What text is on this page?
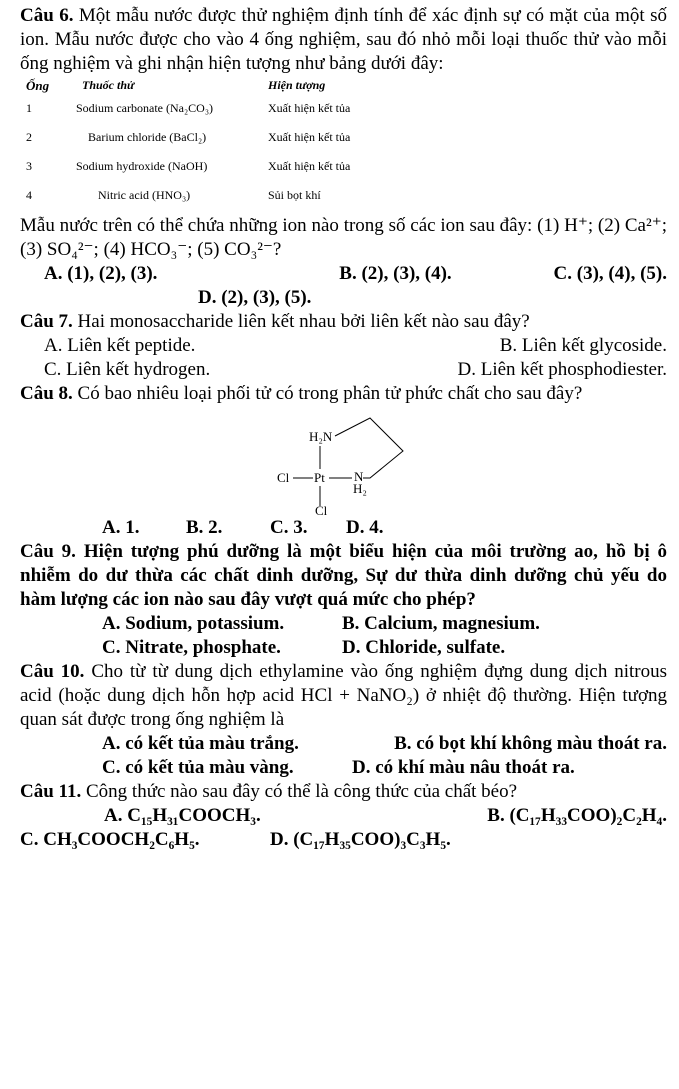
Câu 6. Một mẫu nước được thử nghiệm định tính để xác định sự có mặt của một số ion. Mẫu nước được cho vào 4 ống nghiệm, sau đó nhỏ mỗi loại thuốc thử vào mỗi ống nghiệm và ghi nhận hiện tượng như bảng dưới đây:

Ống	Thuốc thử	Hiện tượng
1	Sodium carbonate (Na₂CO₃)	Xuất hiện kết tủa
2	Barium chloride (BaCl₂)	Xuất hiện kết tủa
3	Sodium hydroxide (NaOH)	Xuất hiện kết tủa
4	Nitric acid (HNO₃)	Sủi bọt khí

Mẫu nước trên có thể chứa những ion nào trong số các ion sau đây: (1) H⁺; (2) Ca²⁺; (3) SO₄²⁻; (4) HCO₃⁻; (5) CO₃²⁻?

A. (1), (2), (3).	B. (2), (3), (4).	C. (3), (4), (5).
D. (2), (3), (5).

Câu 7. Hai monosaccharide liên kết nhau bởi liên kết nào sau đây?

A. Liên kết peptide.	B. Liên kết glycoside.
C. Liên kết hydrogen.	D. Liên kết phosphodiester.

Câu 8. Có bao nhiêu loại phối tử có trong phân tử phức chất cho sau đây?

H₂N
Cl Pt N
H₂
Cl
A. 1.	B. 2.	C. 3.	D. 4.

Câu 9. Hiện tượng phú dưỡng là một biểu hiện của môi trường ao, hồ bị ô nhiễm do dư thừa các chất dinh dưỡng, Sự dư thừa dinh dưỡng chủ yếu do hàm lượng các ion nào sau đây vượt quá mức cho phép?

A. Sodium, potassium.	B. Calcium, magnesium.
C. Nitrate, phosphate.	D. Chloride, sulfate.

Câu 10. Cho từ từ dung dịch ethylamine vào ống nghiệm đựng dung dịch nitrous acid (hoặc dung dịch hỗn hợp acid HCl + NaNO₂) ở nhiệt độ thường. Hiện tượng quan sát được trong ống nghiệm là

A. có kết tủa màu trắng.	B. có bọt khí không màu thoát ra.
C. có kết tủa màu vàng.	D. có khí màu nâu thoát ra.

Câu 11. Công thức nào sau đây có thể là công thức của chất béo?

A. C₁₅H₃₁COOCH₃.	B. (C₁₇H₃₃COO)₂C₂H₄.
C. CH₃COOCH₂C₆H₅.	D. (C₁₇H₃₅COO)₃C₃H₅.
